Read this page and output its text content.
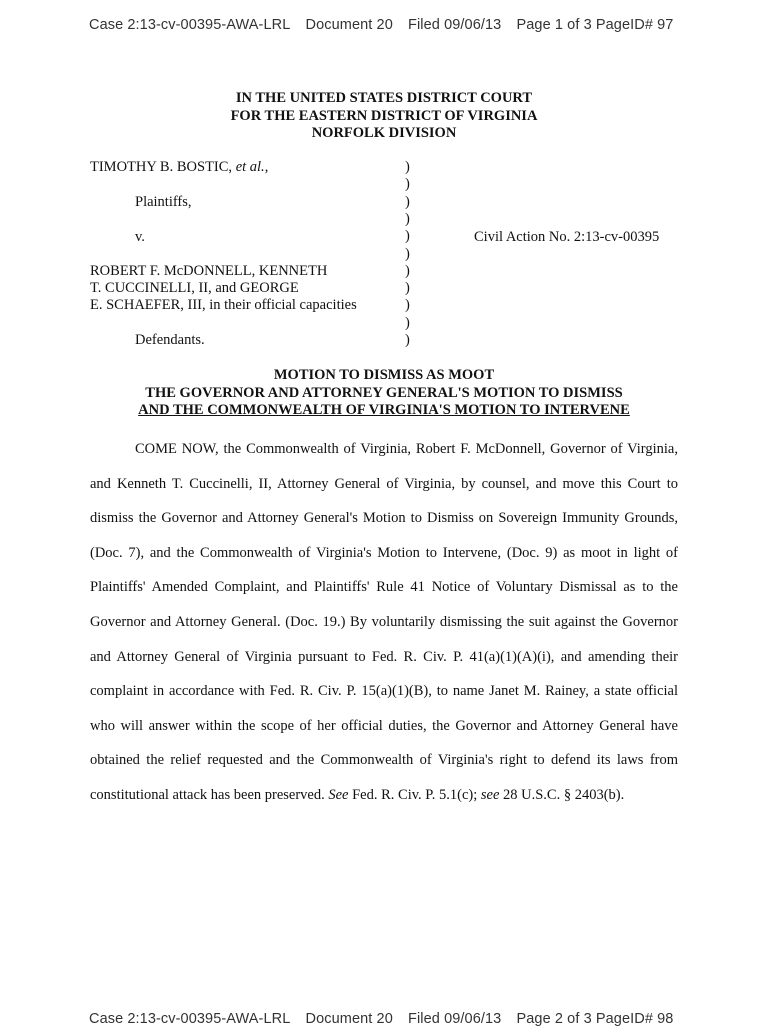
Case 2:13-cv-00395-AWA-LRL Document 20 Filed 09/06/13 Page 1 of 3 PageID# 97
IN THE UNITED STATES DISTRICT COURT
FOR THE EASTERN DISTRICT OF VIRGINIA
NORFOLK DIVISION
TIMOTHY B. BOSTIC, et al.,
Plaintiffs,
v.
ROBERT F. McDONNELL, KENNETH
T. CUCCINELLI, II, and GEORGE
E. SCHAEFER, III, in their official capacities
Defendants.
)
)
)
)
)
)
)
)
)
)
)
Civil Action No. 2:13-cv-00395
MOTION TO DISMISS AS MOOT
THE GOVERNOR AND ATTORNEY GENERAL'S MOTION TO DISMISS
AND THE COMMONWEALTH OF VIRGINIA'S MOTION TO INTERVENE

COME NOW, the Commonwealth of Virginia, Robert F. McDonnell, Governor of Virginia, and Kenneth T. Cuccinelli, II, Attorney General of Virginia, by counsel, and move this Court to dismiss the Governor and Attorney General's Motion to Dismiss on Sovereign Immunity Grounds, (Doc. 7), and the Commonwealth of Virginia's Motion to Intervene, (Doc. 9) as moot in light of Plaintiffs' Amended Complaint, and Plaintiffs' Rule 41 Notice of Voluntary Dismissal as to the Governor and Attorney General. (Doc. 19.) By voluntarily dismissing the suit against the Governor and Attorney General of Virginia pursuant to Fed. R. Civ. P. 41(a)(1)(A)(i), and amending their complaint in accordance with Fed. R. Civ. P. 15(a)(1)(B), to name Janet M. Rainey, a state official who will answer within the scope of her official duties, the Governor and Attorney General have obtained the relief requested and the Commonwealth of Virginia's right to defend its laws from constitutional attack has been preserved. See Fed. R. Civ. P. 5.1(c); see 28 U.S.C. § 2403(b).

Case 2:13-cv-00395-AWA-LRL Document 20 Filed 09/06/13 Page 2 of 3 PageID# 98
